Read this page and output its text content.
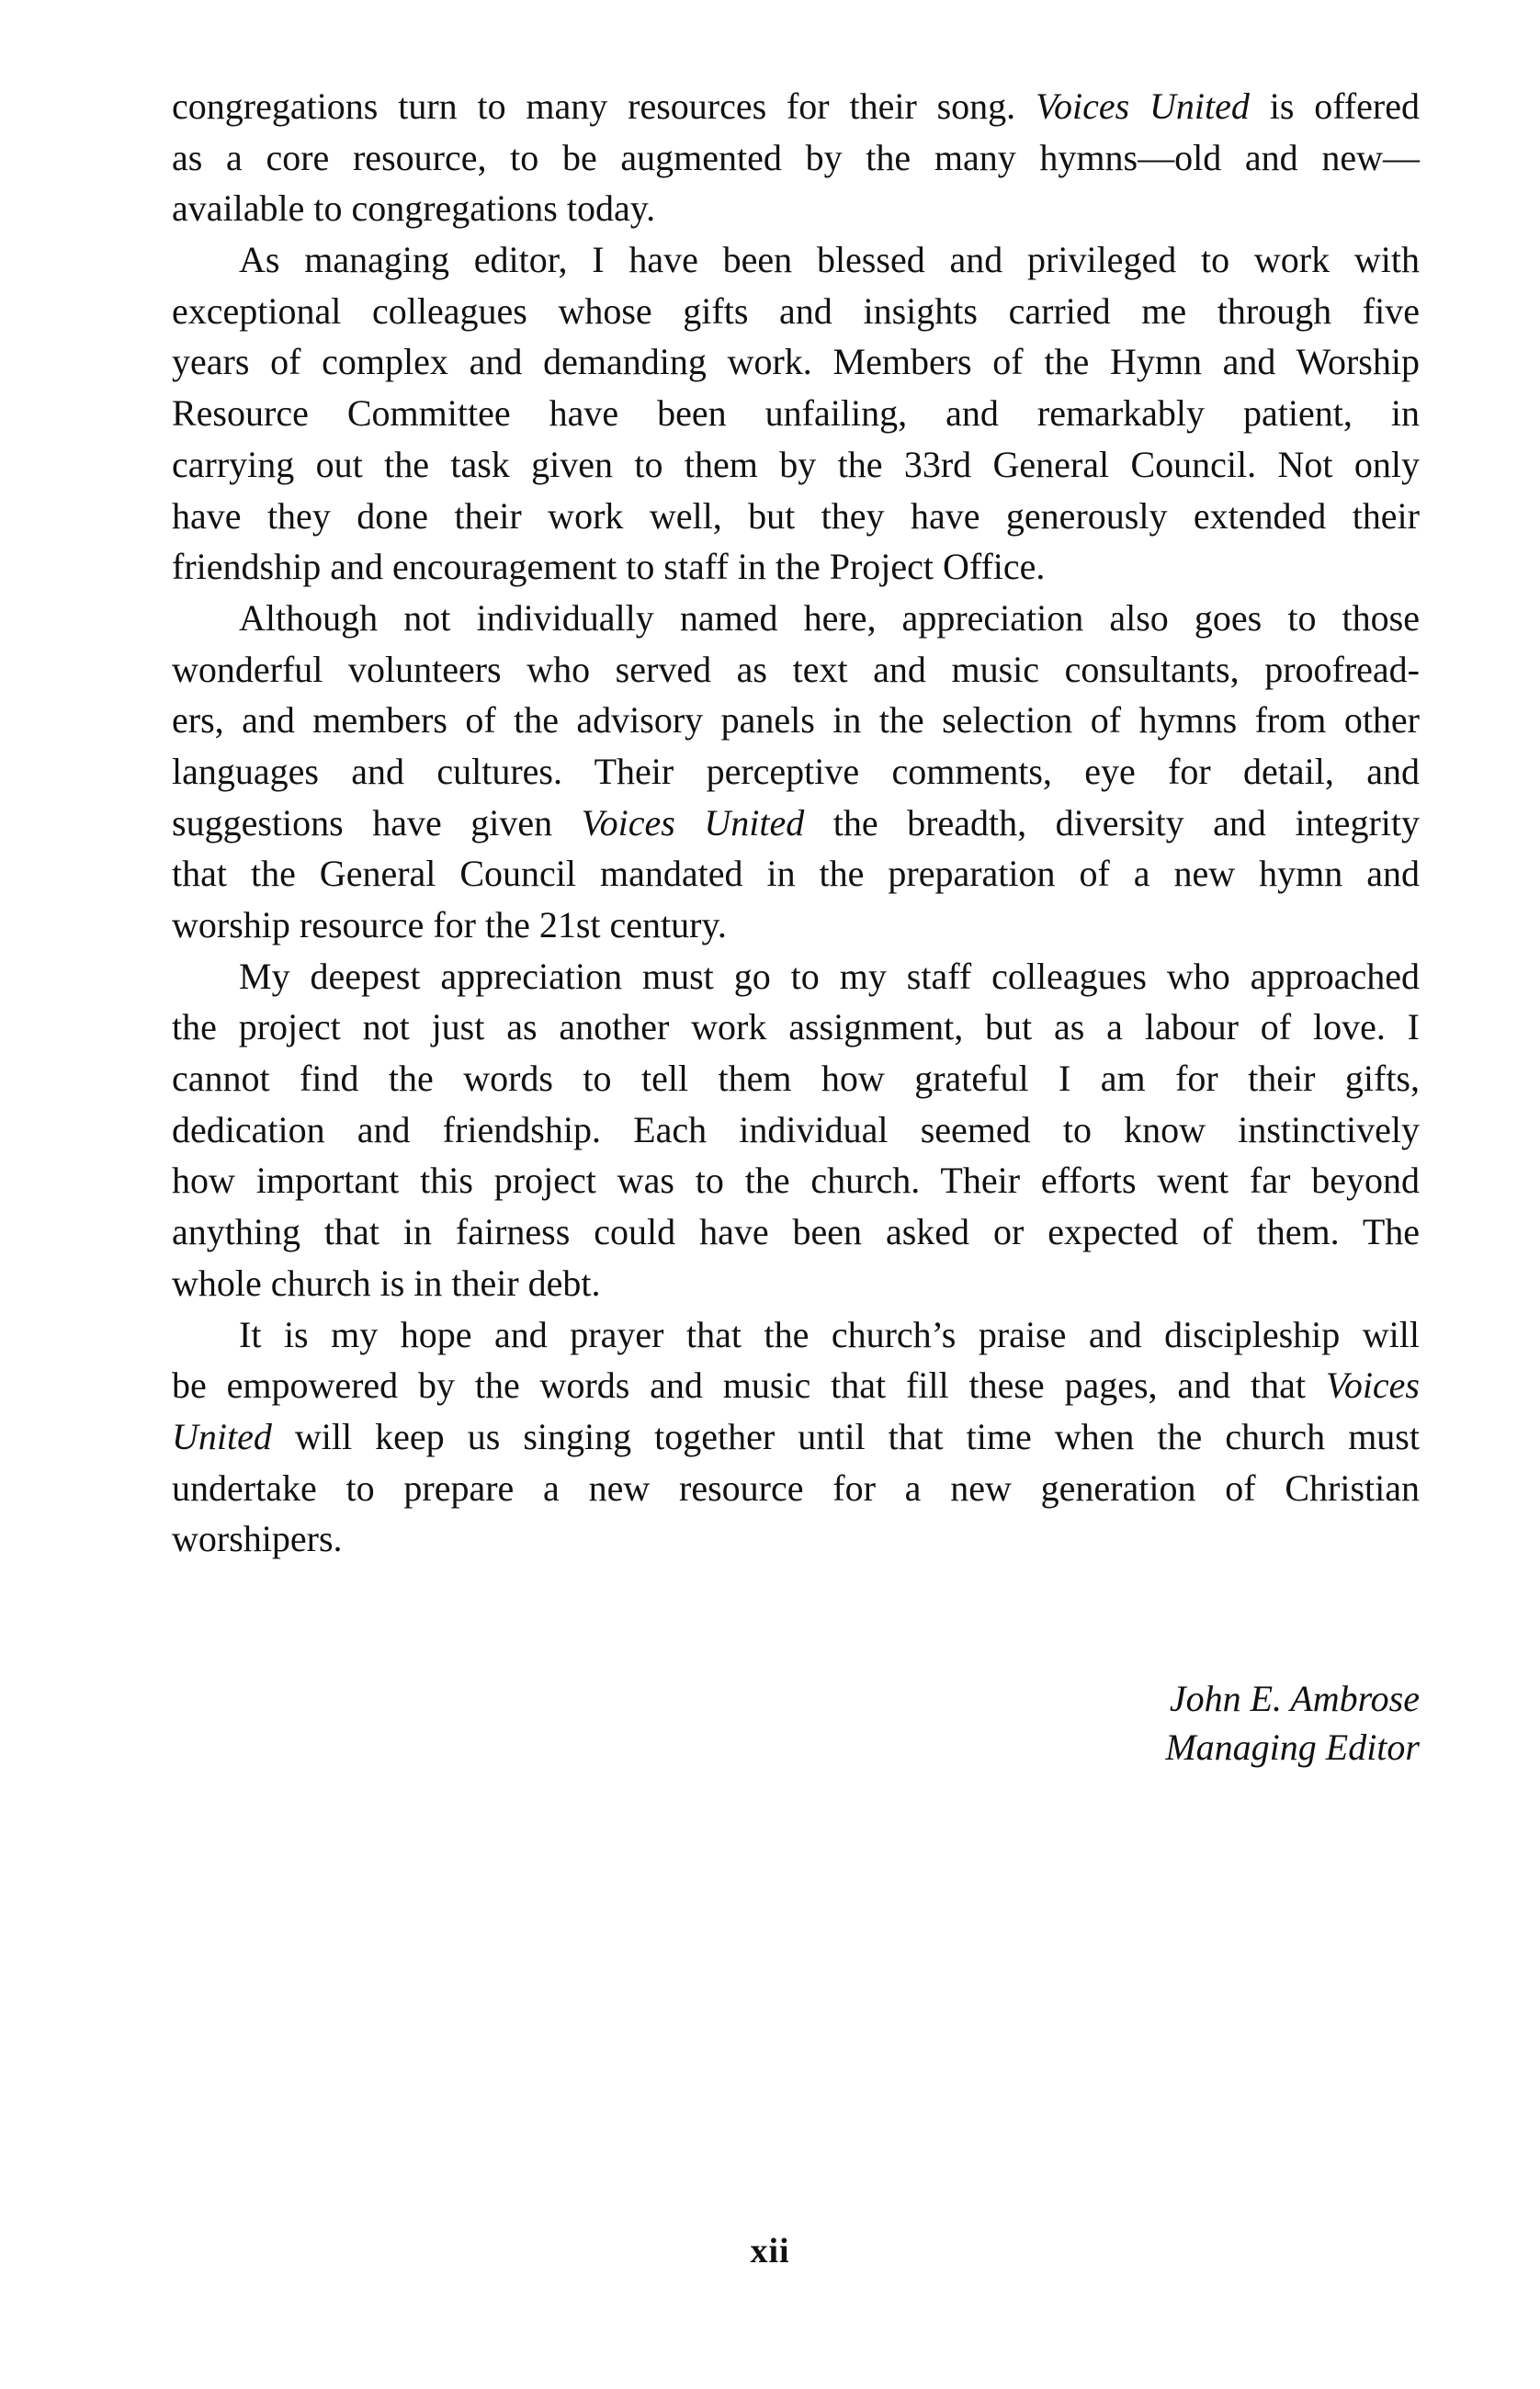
congregations turn to many resources for their song. Voices United is offered
as a core resource, to be augmented by the many hymns—old and new—
available to congregations today.
As managing editor, I have been blessed and privileged to work with
exceptional colleagues whose gifts and insights carried me through five
years of complex and demanding work. Members of the Hymn and Worship
Resource Committee have been unfailing, and remarkably patient, in
carrying out the task given to them by the 33rd General Council. Not only
have they done their work well, but they have generously extended their
friendship and encouragement to staff in the Project Office.
Although not individually named here, appreciation also goes to those
wonderful volunteers who served as text and music consultants, proofread-
ers, and members of the advisory panels in the selection of hymns from other
languages and cultures. Their perceptive comments, eye for detail, and
suggestions have given Voices United the breadth, diversity and integrity
that the General Council mandated in the preparation of a new hymn and
worship resource for the 21st century.
My deepest appreciation must go to my staff colleagues who approached
the project not just as another work assignment, but as a labour of love. I
cannot find the words to tell them how grateful I am for their gifts,
dedication and friendship. Each individual seemed to know instinctively
how important this project was to the church. Their efforts went far beyond
anything that in fairness could have been asked or expected of them. The
whole church is in their debt.
It is my hope and prayer that the church’s praise and discipleship will
be empowered by the words and music that fill these pages, and that Voices
United will keep us singing together until that time when the church must
undertake to prepare a new resource for a new generation of Christian
worshipers.
John E. Ambrose
Managing Editor
xii
